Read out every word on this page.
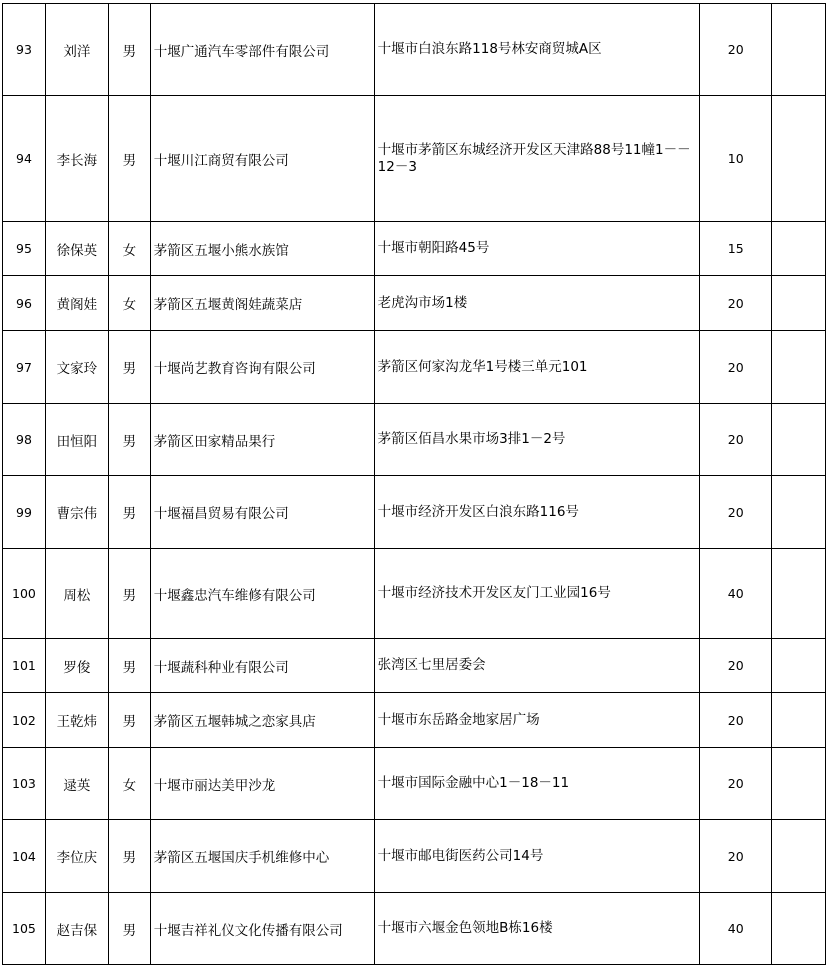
93	刘洋	男	十堰广通汽车零部件有限公司	十堰市白浪东路118号林安商贸城A区	20	
94	李长海	男	十堰川江商贸有限公司	十堰市茅箭区东城经济开发区天津路88号11幢1－－12－3	10	
95	徐保英	女	茅箭区五堰小熊水族馆	十堰市朝阳路45号	15	
96	黄阁娃	女	茅箭区五堰黄阁娃蔬菜店	老虎沟市场1楼	20	
97	文家玲	男	十堰尚艺教育咨询有限公司	茅箭区何家沟龙华1号楼三单元101	20	
98	田恒阳	男	茅箭区田家精品果行	茅箭区佰昌水果市场3排1－2号	20	
99	曹宗伟	男	十堰福昌贸易有限公司	十堰市经济开发区白浪东路116号	20	
100	周松	男	十堰鑫忠汽车维修有限公司	十堰市经济技术开发区友门工业园16号	40	
101	罗俊	男	十堰蔬科种业有限公司	张湾区七里居委会	20	
102	王乾炜	男	茅箭区五堰韩城之恋家具店	十堰市东岳路金地家居广场	20	
103	逯英	女	十堰市丽达美甲沙龙	十堰市国际金融中心1－18－11	20	
104	李位庆	男	茅箭区五堰国庆手机维修中心	十堰市邮电街医药公司14号	20	
105	赵吉保	男	十堰吉祥礼仪文化传播有限公司	十堰市六堰金色领地B栋16楼	40	
